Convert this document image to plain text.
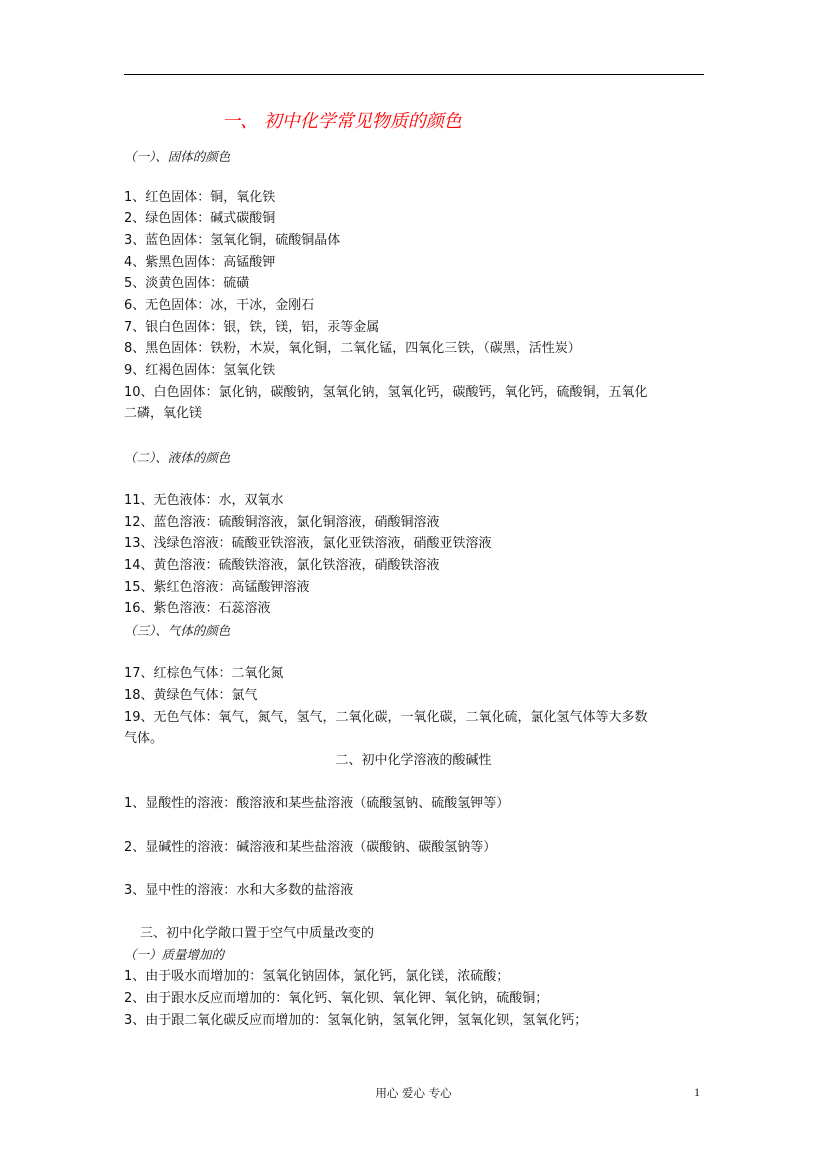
一、 初中化学常见物质的颜色
（一）、固体的颜色
1、红色固体：铜，氧化铁
2、绿色固体：碱式碳酸铜
3、蓝色固体：氢氧化铜，硫酸铜晶体
4、紫黑色固体：高锰酸钾
5、淡黄色固体：硫磺
6、无色固体：冰，干冰，金刚石
7、银白色固体：银，铁，镁，铝，汞等金属
8、黑色固体：铁粉，木炭，氧化铜，二氧化锰，四氧化三铁，（碳黑，活性炭）
9、红褐色固体：氢氧化铁
10、白色固体：氯化钠，碳酸钠，氢氧化钠，氢氧化钙，碳酸钙，氧化钙，硫酸铜，五氧化
二磷，氧化镁
（二）、液体的颜色
11、无色液体：水，双氧水
12、蓝色溶液：硫酸铜溶液，氯化铜溶液，硝酸铜溶液
13、浅绿色溶液：硫酸亚铁溶液，氯化亚铁溶液，硝酸亚铁溶液
14、黄色溶液：硫酸铁溶液，氯化铁溶液，硝酸铁溶液
15、紫红色溶液：高锰酸钾溶液
16、紫色溶液：石蕊溶液
（三）、气体的颜色
17、红棕色气体：二氧化氮
18、黄绿色气体：氯气
19、无色气体：氧气，氮气，氢气，二氧化碳，一氧化碳，二氧化硫，氯化氢气体等大多数
气体。
二、初中化学溶液的酸碱性
1、显酸性的溶液：酸溶液和某些盐溶液（硫酸氢钠、硫酸氢钾等）
2、显碱性的溶液：碱溶液和某些盐溶液（碳酸钠、碳酸氢钠等）
3、显中性的溶液：水和大多数的盐溶液
三、初中化学敞口置于空气中质量改变的
（一）质量增加的
1、由于吸水而增加的：氢氧化钠固体，氯化钙，氯化镁，浓硫酸；
2、由于跟水反应而增加的：氧化钙、氧化钡、氧化钾、氧化钠，硫酸铜；
3、由于跟二氧化碳反应而增加的：氢氧化钠，氢氧化钾，氢氧化钡，氢氧化钙；
用心 爱心 专心	1
